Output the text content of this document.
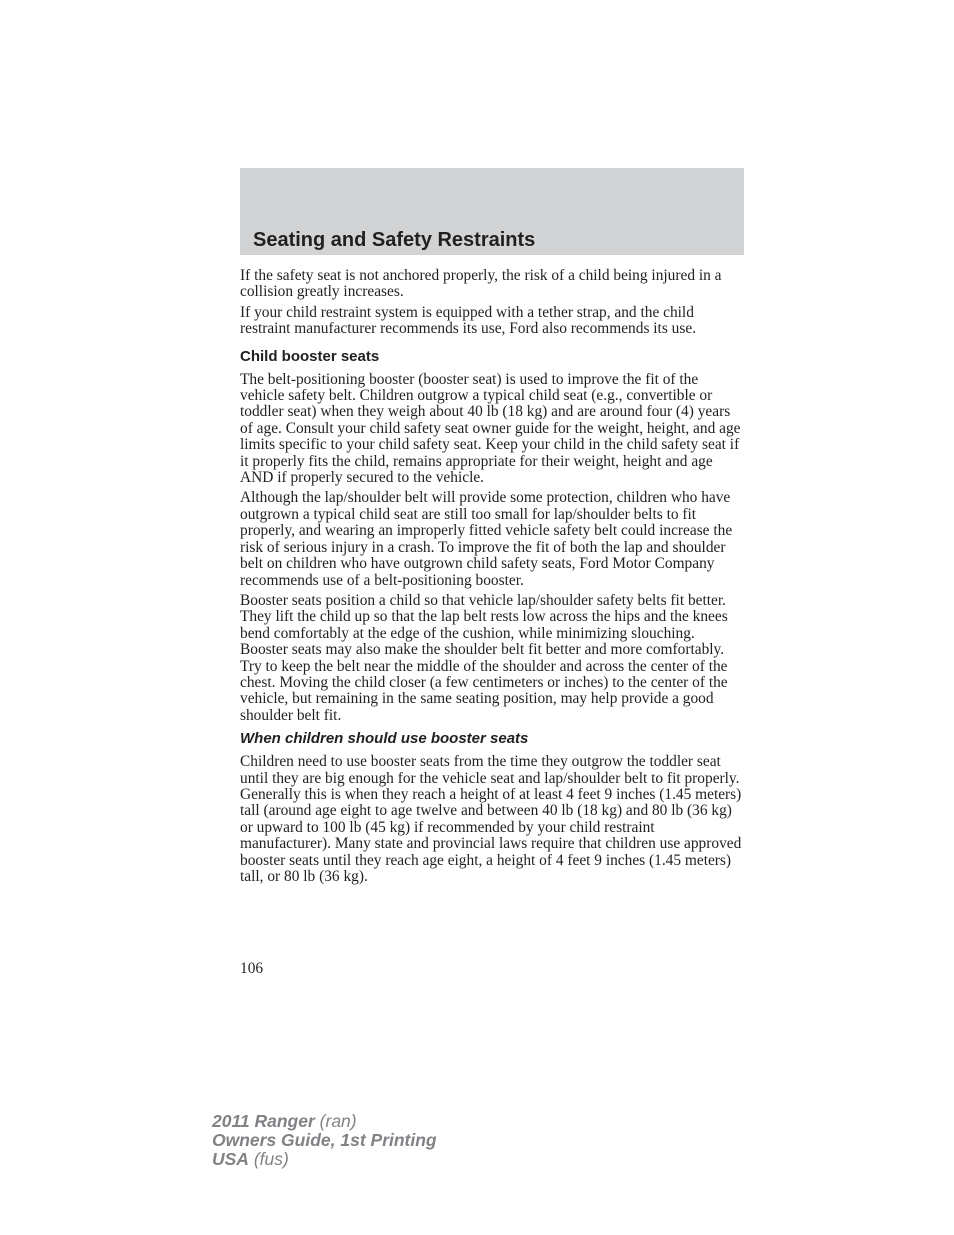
Seating and Safety Restraints

If the safety seat is not anchored properly, the risk of a child being injured in a collision greatly increases.

If your child restraint system is equipped with a tether strap, and the child restraint manufacturer recommends its use, Ford also recommends its use.

Child booster seats

The belt-positioning booster (booster seat) is used to improve the fit of the vehicle safety belt. Children outgrow a typical child seat (e.g., convertible or toddler seat) when they weigh about 40 lb (18 kg) and are around four (4) years of age. Consult your child safety seat owner guide for the weight, height, and age limits specific to your child safety seat. Keep your child in the child safety seat if it properly fits the child, remains appropriate for their weight, height and age AND if properly secured to the vehicle.

Although the lap/shoulder belt will provide some protection, children who have outgrown a typical child seat are still too small for lap/shoulder belts to fit properly, and wearing an improperly fitted vehicle safety belt could increase the risk of serious injury in a crash. To improve the fit of both the lap and shoulder belt on children who have outgrown child safety seats, Ford Motor Company recommends use of a belt-positioning booster.

Booster seats position a child so that vehicle lap/shoulder safety belts fit better. They lift the child up so that the lap belt rests low across the hips and the knees bend comfortably at the edge of the cushion, while minimizing slouching. Booster seats may also make the shoulder belt fit better and more comfortably. Try to keep the belt near the middle of the shoulder and across the center of the chest. Moving the child closer (a few centimeters or inches) to the center of the vehicle, but remaining in the same seating position, may help provide a good shoulder belt fit.

When children should use booster seats

Children need to use booster seats from the time they outgrow the toddler seat until they are big enough for the vehicle seat and lap/shoulder belt to fit properly. Generally this is when they reach a height of at least 4 feet 9 inches (1.45 meters) tall (around age eight to age twelve and between 40 lb (18 kg) and 80 lb (36 kg) or upward to 100 lb (45 kg) if recommended by your child restraint manufacturer). Many state and provincial laws require that children use approved booster seats until they reach age eight, a height of 4 feet 9 inches (1.45 meters) tall, or 80 lb (36 kg).

106
2011 Ranger (ran)
Owners Guide, 1st Printing
USA (fus)
